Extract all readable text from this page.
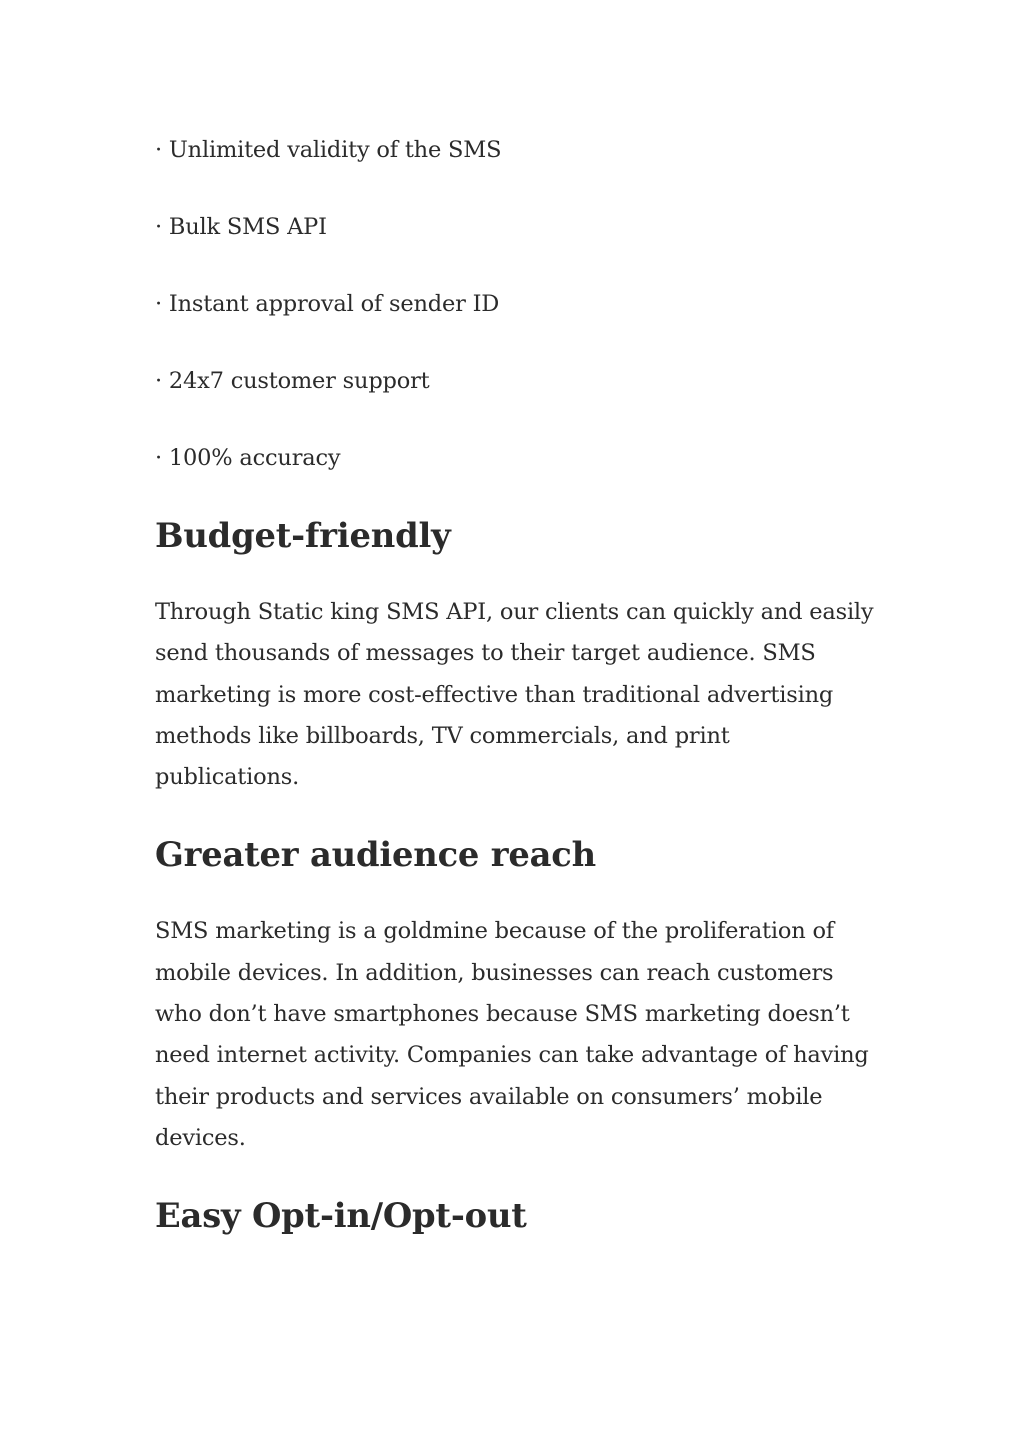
· Unlimited validity of the SMS

· Bulk SMS API

· Instant approval of sender ID

· 24x7 customer support

· 100% accuracy

Budget-friendly

Through Static king SMS API, our clients can quickly and easily send thousands of messages to their target audience. SMS marketing is more cost-effective than traditional advertising methods like billboards, TV commercials, and print publications.

Greater audience reach

SMS marketing is a goldmine because of the proliferation of mobile devices. In addition, businesses can reach customers who don’t have smartphones because SMS marketing doesn’t need internet activity. Companies can take advantage of having their products and services available on consumers’ mobile devices.

Easy Opt-in/Opt-out
